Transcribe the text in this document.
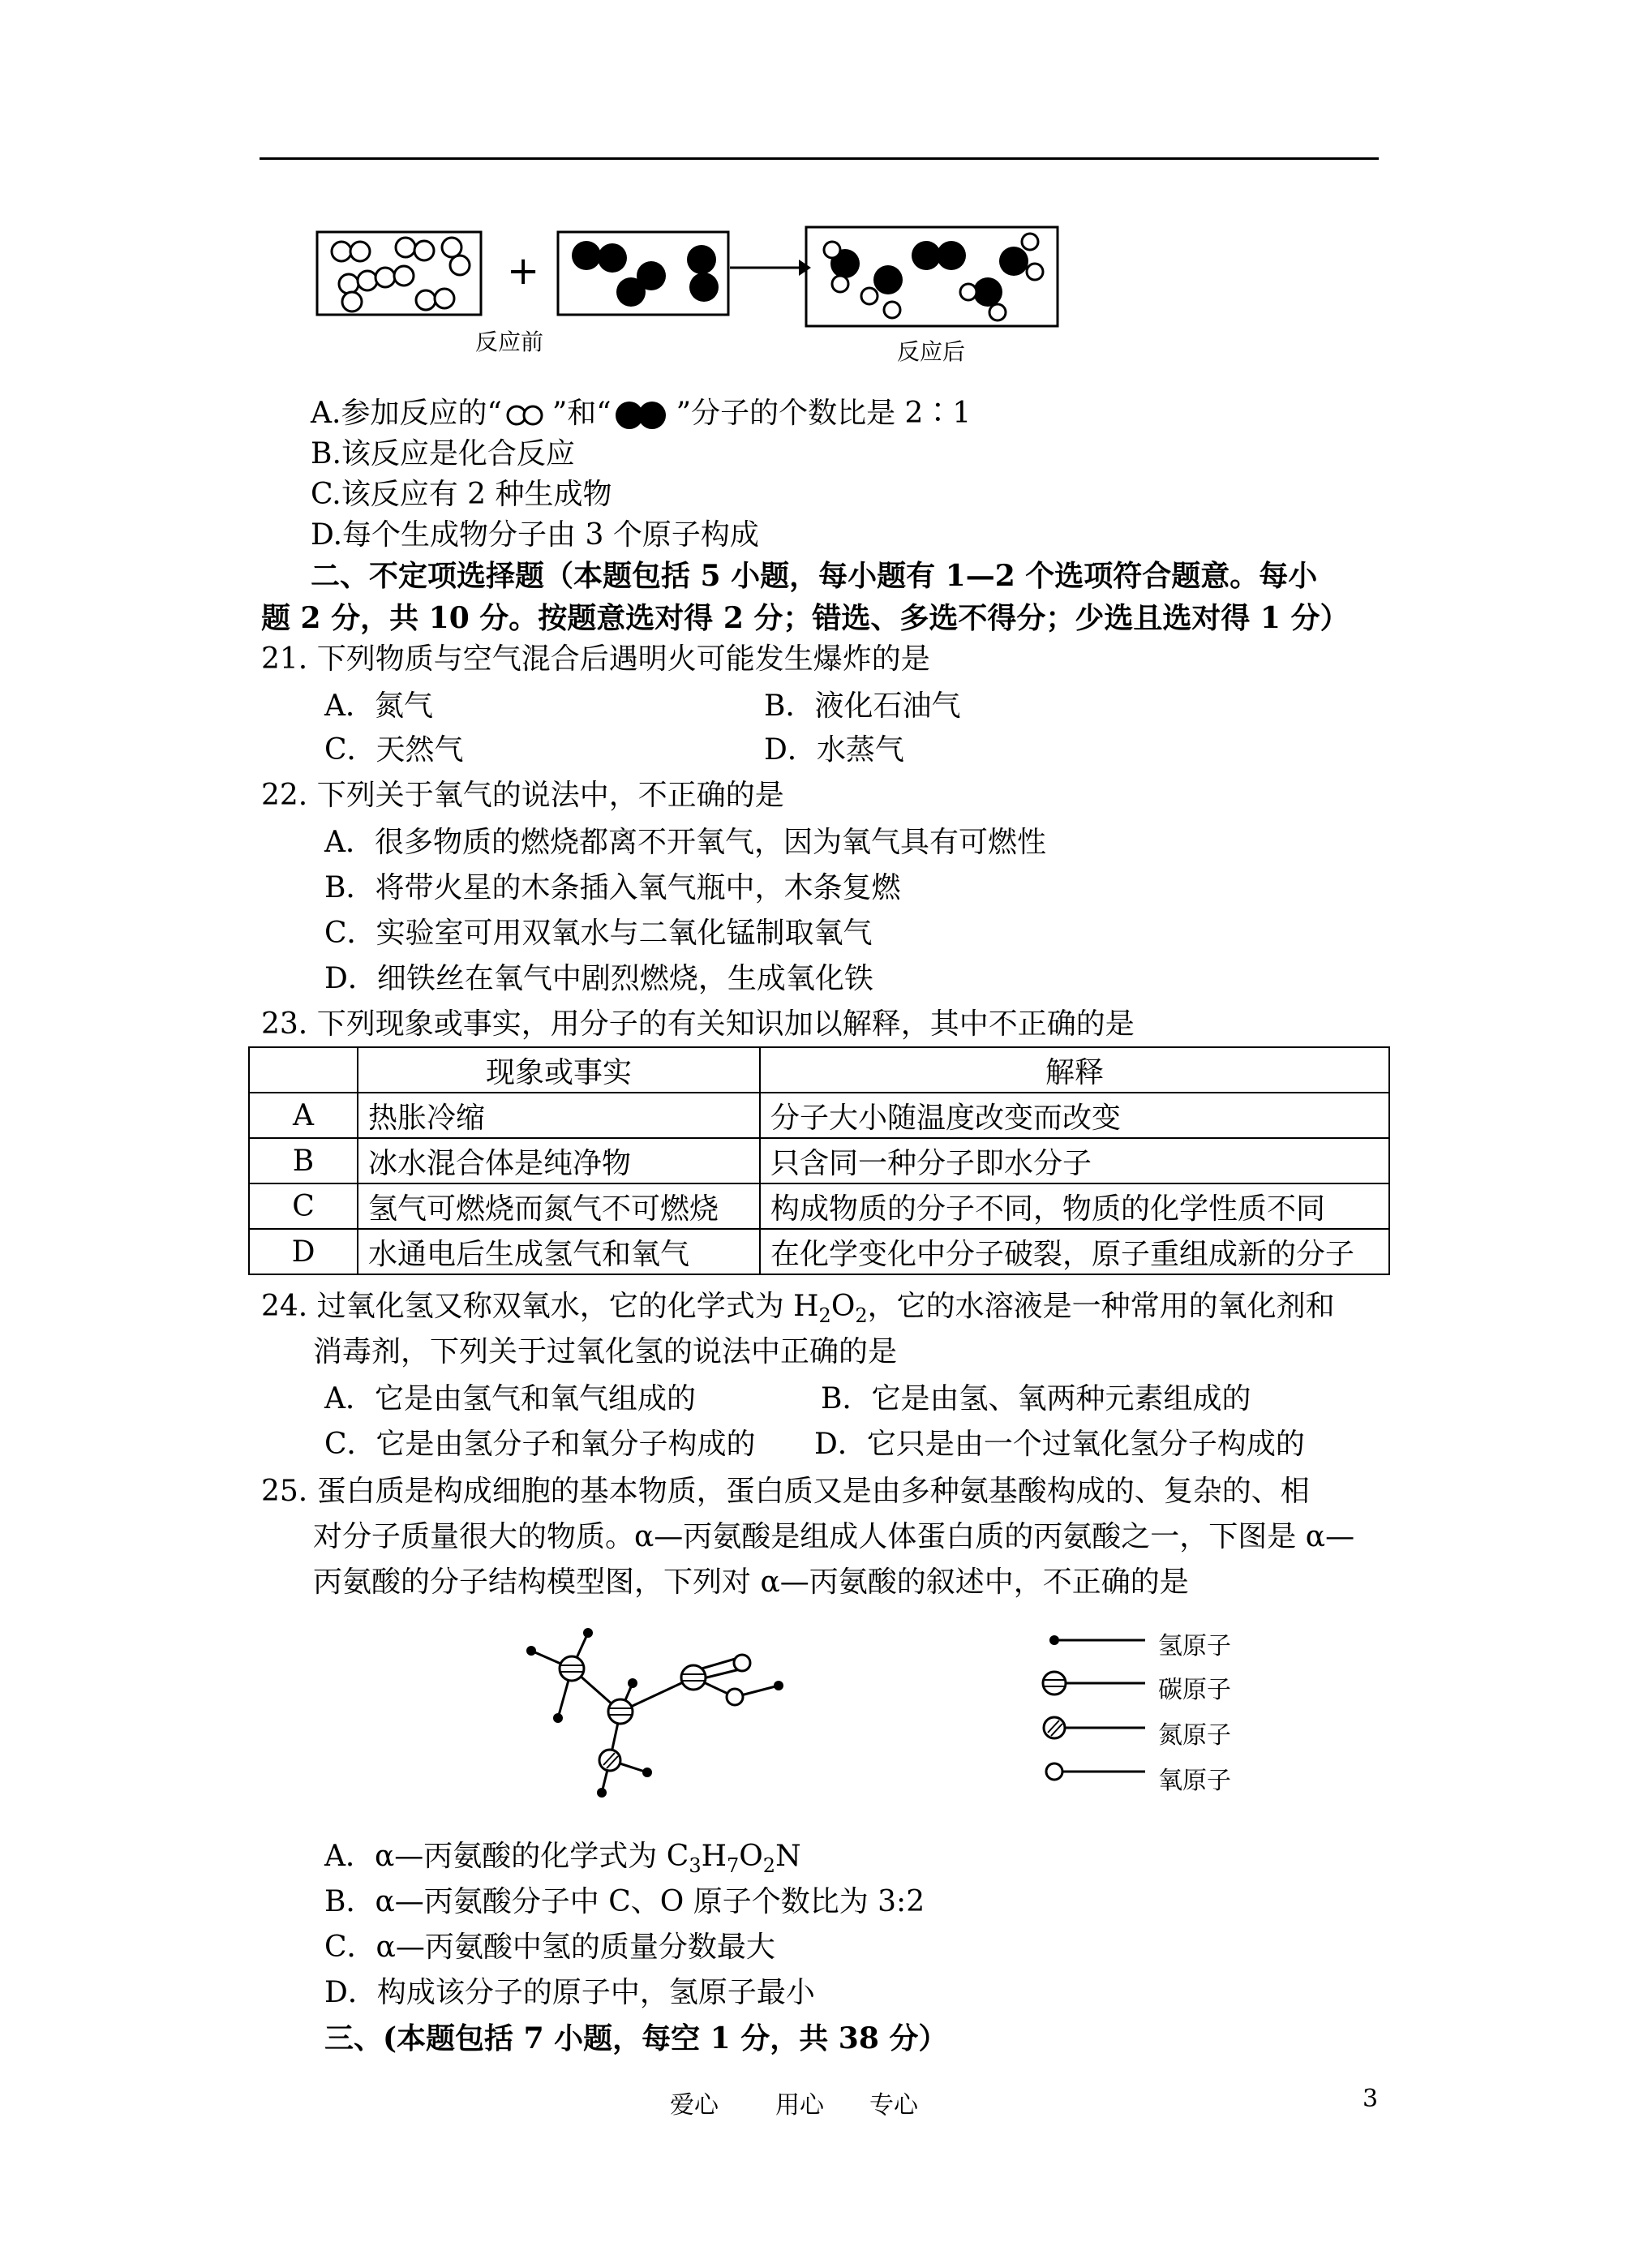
+
反应前	反应后
A.参加反应的“ ”和“ ”分子的个数比是 2∶1
B.该反应是化合反应
C.该反应有 2 种生成物
D.每个生成物分子由 3 个原子构成
二、不定项选择题（本题包括 5 小题，每小题有 1—2 个选项符合题意。每小
题 2 分，共 10 分。按题意选对得 2 分；错选、多选不得分；少选且选对得 1 分）
21. 下列物质与空气混合后遇明火可能发生爆炸的是
A．氮气	B．液化石油气
C．天然气	D．水蒸气
22. 下列关于氧气的说法中，不正确的是
A．很多物质的燃烧都离不开氧气，因为氧气具有可燃性
B．将带火星的木条插入氧气瓶中，木条复燃
C．实验室可用双氧水与二氧化锰制取氧气
D．细铁丝在氧气中剧烈燃烧，生成氧化铁
23. 下列现象或事实，用分子的有关知识加以解释，其中不正确的是
	现象或事实	解释
A	热胀冷缩	分子大小随温度改变而改变
B	冰水混合体是纯净物	只含同一种分子即水分子
C	氢气可燃烧而氮气不可燃烧	构成物质的分子不同，物质的化学性质不同
D	水通电后生成氢气和氧气	在化学变化中分子破裂，原子重组成新的分子
24. 过氧化氢又称双氧水，它的化学式为 $H_2O_2$，它的水溶液是一种常用的氧化剂和
消毒剂，下列关于过氧化氢的说法中正确的是
A．它是由氢气和氧气组成的	B．它是由氢、氧两种元素组成的
C．它是由氢分子和氧分子构成的 D．它只是由一个过氧化氢分子构成的
25. 蛋白质是构成细胞的基本物质，蛋白质又是由多种氨基酸构成的、复杂的、相
对分子质量很大的物质。α—丙氨酸是组成人体蛋白质的丙氨酸之一，下图是 α—
丙氨酸的分子结构模型图，下列对 α—丙氨酸的叙述中，不正确的是
氢原子
碳原子
氮原子
氧原子
A．α—丙氨酸的化学式为 $C_3H_7O_2N$
B．α—丙氨酸分子中 C、O 原子个数比为 3:2
C．α—丙氨酸中氢的质量分数最大
D．构成该分子的原子中，氢原子最小
三、(本题包括 7 小题，每空 1 分，共 38 分）
爱心 用心 专心	3
